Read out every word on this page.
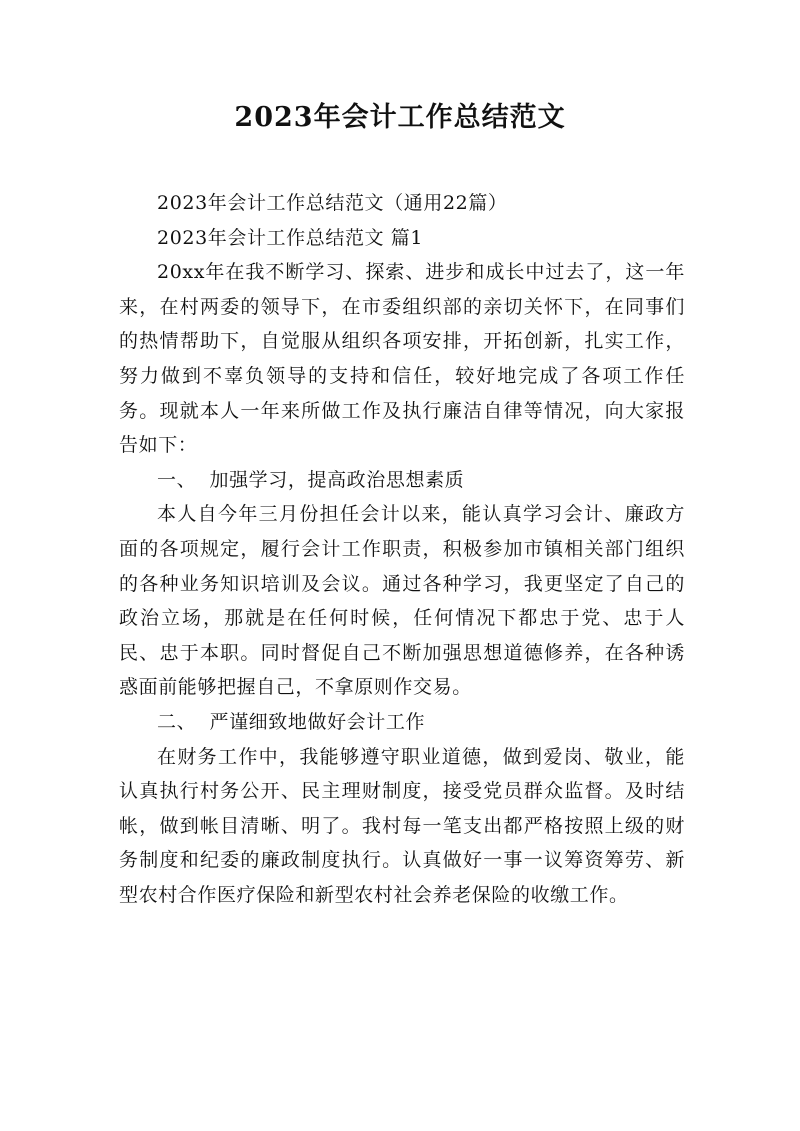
2023年会计工作总结范文

2023年会计工作总结范文（通用22篇）

2023年会计工作总结范文 篇1

20xx年在我不断学习、探索、进步和成长中过去了，这一年来，在村两委的领导下，在市委组织部的亲切关怀下，在同事们的热情帮助下，自觉服从组织各项安排，开拓创新，扎实工作，努力做到不辜负领导的支持和信任，较好地完成了各项工作任务。现就本人一年来所做工作及执行廉洁自律等情况，向大家报告如下：

一、  加强学习，提高政治思想素质

本人自今年三月份担任会计以来，能认真学习会计、廉政方面的各项规定，履行会计工作职责，积极参加市镇相关部门组织的各种业务知识培训及会议。通过各种学习，我更坚定了自己的政治立场，那就是在任何时候，任何情况下都忠于党、忠于人民、忠于本职。同时督促自己不断加强思想道德修养，在各种诱惑面前能够把握自己，不拿原则作交易。

二、  严谨细致地做好会计工作

在财务工作中，我能够遵守职业道德，做到爱岗、敬业，能认真执行村务公开、民主理财制度，接受党员群众监督。及时结帐，做到帐目清晰、明了。我村每一笔支出都严格按照上级的财务制度和纪委的廉政制度执行。认真做好一事一议筹资筹劳、新型农村合作医疗保险和新型农村社会养老保险的收缴工作。
